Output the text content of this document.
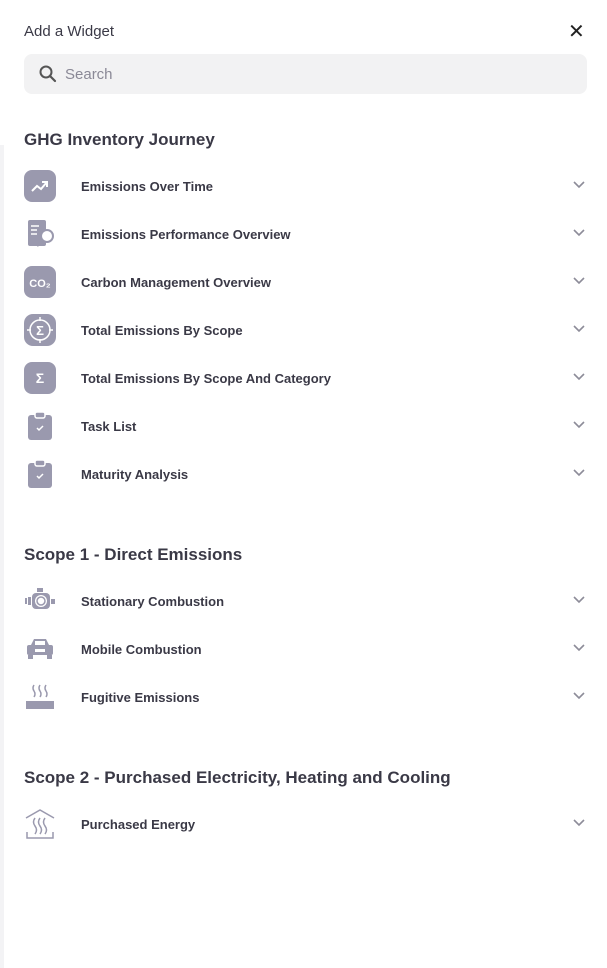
Add a Widget	✕
Search
GHG Inventory Journey
Emissions Over Time
Emissions Performance Overview
CO₂ Carbon Management Overview
Σ	Total Emissions By Scope
Σ	Total Emissions By Scope And Category
Task List
Maturity Analysis
Scope 1 - Direct Emissions
Stationary Combustion
Mobile Combustion
Fugitive Emissions
Scope 2 - Purchased Electricity, Heating and Cooling
Purchased Energy
